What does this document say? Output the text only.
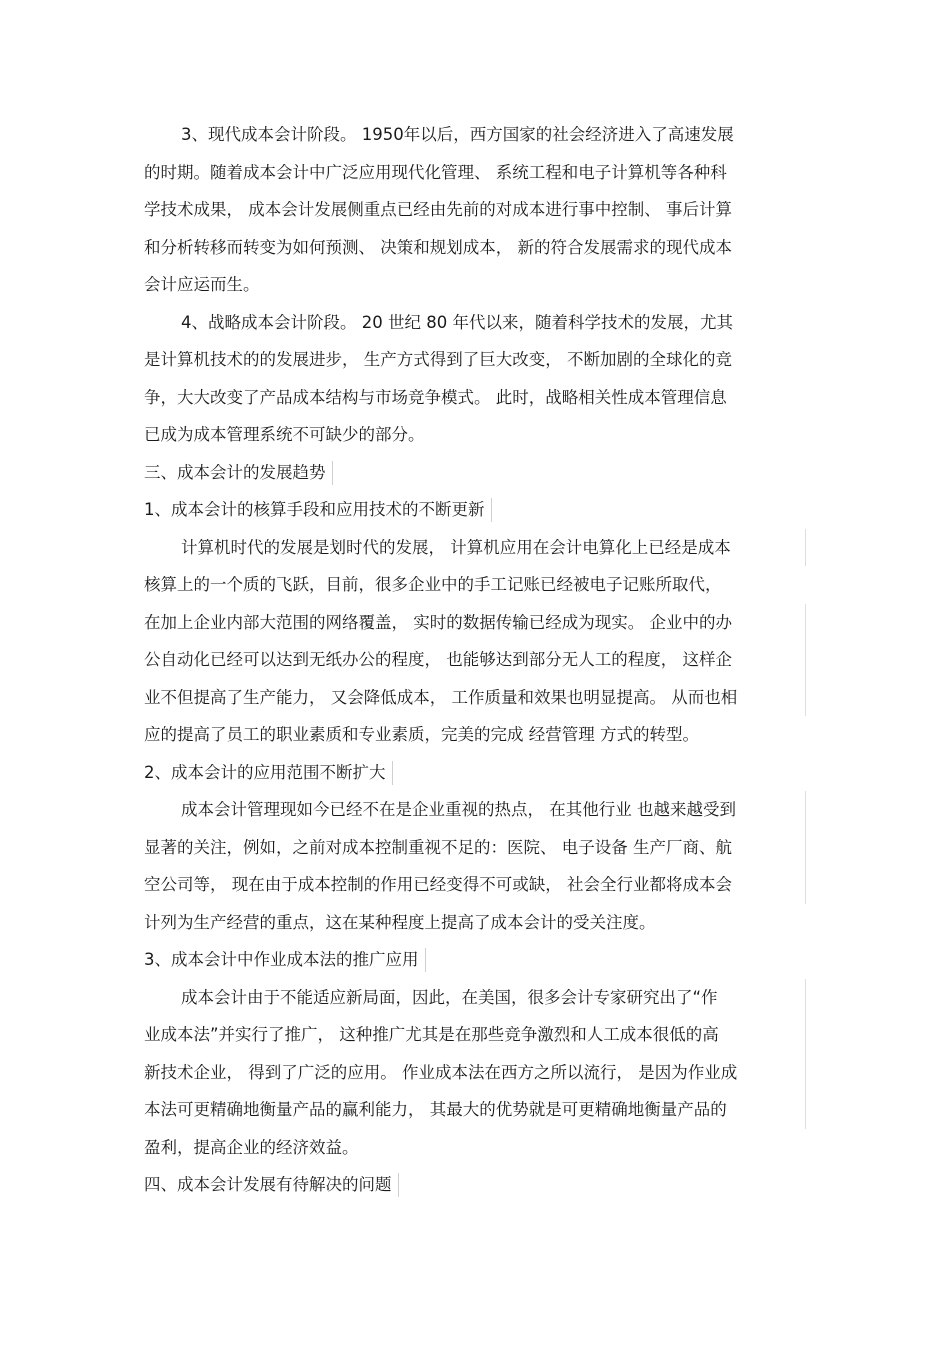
3、现代成本会计阶段。 1950年以后，西方国家的社会经济进入了高速发展
的时期。随着成本会计中广泛应用现代化管理、 系统工程和电子计算机等各种科
学技术成果， 成本会计发展侧重点已经由先前的对成本进行事中控制、 事后计算
和分析转移而转变为如何预测、 决策和规划成本， 新的符合发展需求的现代成本
会计应运而生。
4、战略成本会计阶段。 20 世纪 80 年代以来，随着科学技术的发展，尤其
是计算机技术的的发展进步， 生产方式得到了巨大改变， 不断加剧的全球化的竞
争，大大改变了产品成本结构与市场竞争模式。 此时，战略相关性成本管理信息
已成为成本管理系统不可缺少的部分。
三、成本会计的发展趋势
1、成本会计的核算手段和应用技术的不断更新
计算机时代的发展是划时代的发展， 计算机应用在会计电算化上已经是成本
核算上的一个质的飞跃，目前，很多企业中的手工记账已经被电子记账所取代，
在加上企业内部大范围的网络覆盖， 实时的数据传输已经成为现实。 企业中的办
公自动化已经可以达到无纸办公的程度， 也能够达到部分无人工的程度， 这样企
业不但提高了生产能力， 又会降低成本， 工作质量和效果也明显提高。 从而也相
应的提高了员工的职业素质和专业素质，完美的完成 经营管理 方式的转型。
2、成本会计的应用范围不断扩大
成本会计管理现如今已经不在是企业重视的热点， 在其他行业 也越来越受到
显著的关注，例如，之前对成本控制重视不足的：医院、 电子设备 生产厂商、航
空公司等， 现在由于成本控制的作用已经变得不可或缺， 社会全行业都将成本会
计列为生产经营的重点，这在某种程度上提高了成本会计的受关注度。
3、成本会计中作业成本法的推广应用
成本会计由于不能适应新局面，因此，在美国，很多会计专家研究出了“作
业成本法”并实行了推广， 这种推广尤其是在那些竞争激烈和人工成本很低的高
新技术企业， 得到了广泛的应用。 作业成本法在西方之所以流行， 是因为作业成
本法可更精确地衡量产品的赢利能力， 其最大的优势就是可更精确地衡量产品的
盈利，提高企业的经济效益。
四、成本会计发展有待解决的问题
